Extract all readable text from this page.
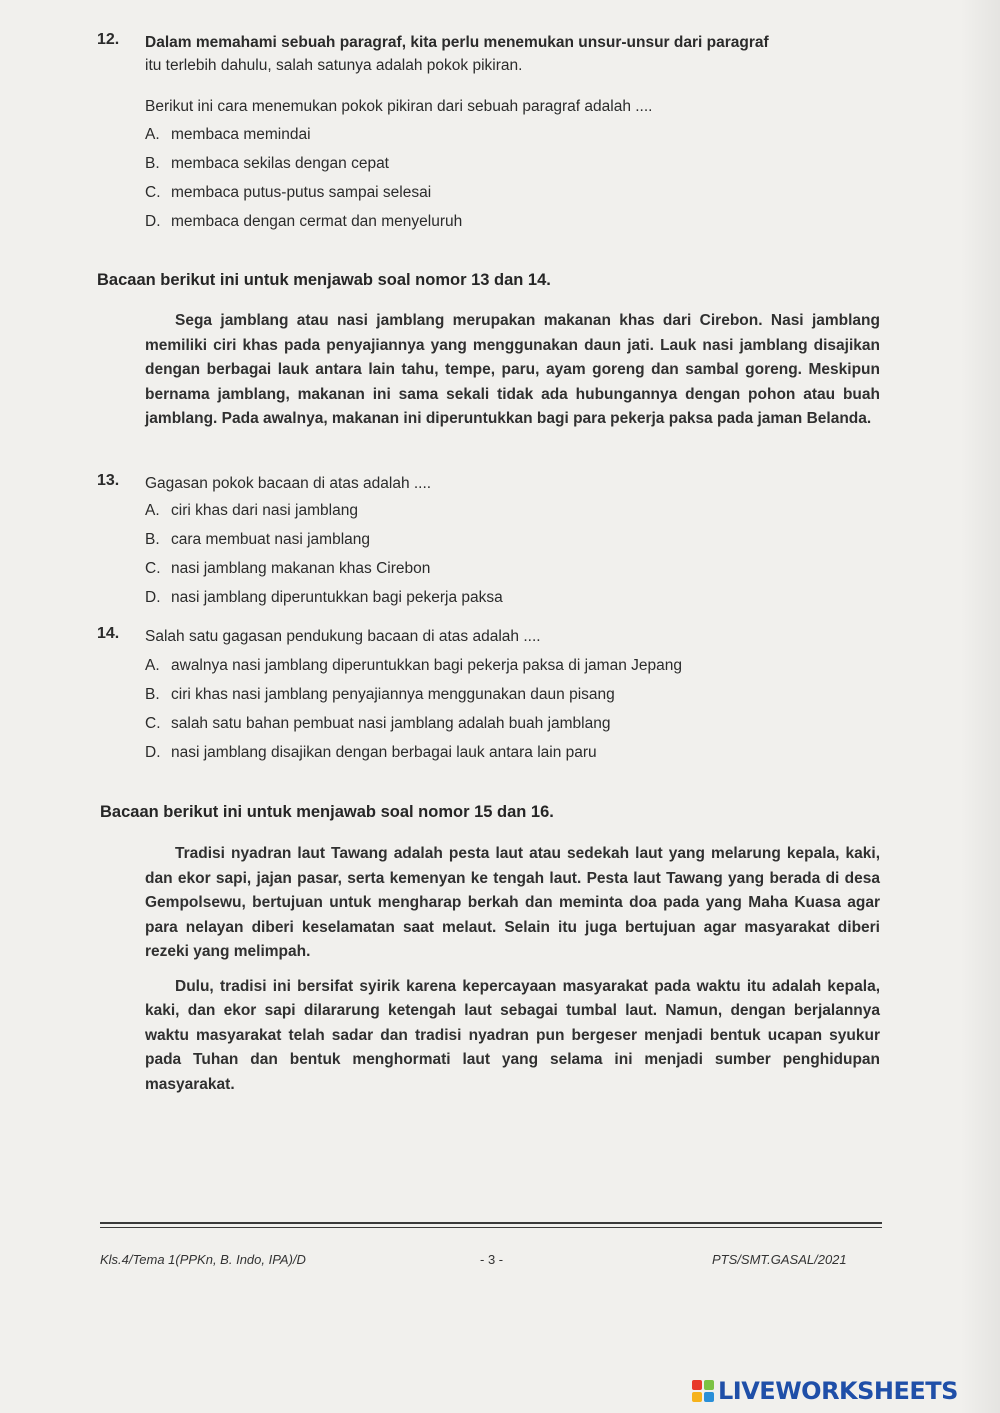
12. Dalam memahami sebuah paragraf, kita perlu menemukan unsur-unsur dari paragraf
itu terlebih dahulu, salah satunya adalah pokok pikiran.
Berikut ini cara menemukan pokok pikiran dari sebuah paragraf adalah ....
A. membaca memindai
B. membaca sekilas dengan cepat
C. membaca putus-putus sampai selesai
D. membaca dengan cermat dan menyeluruh
Bacaan berikut ini untuk menjawab soal nomor 13 dan 14.

Sega jamblang atau nasi jamblang merupakan makanan khas dari Cirebon. Nasi jamblang memiliki ciri khas pada penyajiannya yang menggunakan daun jati. Lauk nasi jamblang disajikan dengan berbagai lauk antara lain tahu, tempe, paru, ayam goreng dan sambal goreng. Meskipun bernama jamblang, makanan ini sama sekali tidak ada hubungannya dengan pohon atau buah jamblang. Pada awalnya, makanan ini diperuntukkan bagi para pekerja paksa pada jaman Belanda.

13. Gagasan pokok bacaan di atas adalah ....
A. ciri khas dari nasi jamblang
B. cara membuat nasi jamblang
C. nasi jamblang makanan khas Cirebon
D. nasi jamblang diperuntukkan bagi pekerja paksa
14. Salah satu gagasan pendukung bacaan di atas adalah ....
A. awalnya nasi jamblang diperuntukkan bagi pekerja paksa di jaman Jepang
B. ciri khas nasi jamblang penyajiannya menggunakan daun pisang
C. salah satu bahan pembuat nasi jamblang adalah buah jamblang
D. nasi jamblang disajikan dengan berbagai lauk antara lain paru
Bacaan berikut ini untuk menjawab soal nomor 15 dan 16.

Tradisi nyadran laut Tawang adalah pesta laut atau sedekah laut yang melarung kepala, kaki, dan ekor sapi, jajan pasar, serta kemenyan ke tengah laut. Pesta laut Tawang yang berada di desa Gempolsewu, bertujuan untuk mengharap berkah dan meminta doa pada yang Maha Kuasa agar para nelayan diberi keselamatan saat melaut. Selain itu juga bertujuan agar masyarakat diberi rezeki yang melimpah.

Dulu, tradisi ini bersifat syirik karena kepercayaan masyarakat pada waktu itu adalah kepala, kaki, dan ekor sapi dilararung ketengah laut sebagai tumbal laut. Namun, dengan berjalannya waktu masyarakat telah sadar dan tradisi nyadran pun bergeser menjadi bentuk ucapan syukur pada Tuhan dan bentuk menghormati laut yang selama ini menjadi sumber penghidupan masyarakat.

Kls.4/Tema 1(PPKn, B. Indo, IPA)/D	- 3 -	PTS/SMT.GASAL/2021
LIVEWORKSHEETS
